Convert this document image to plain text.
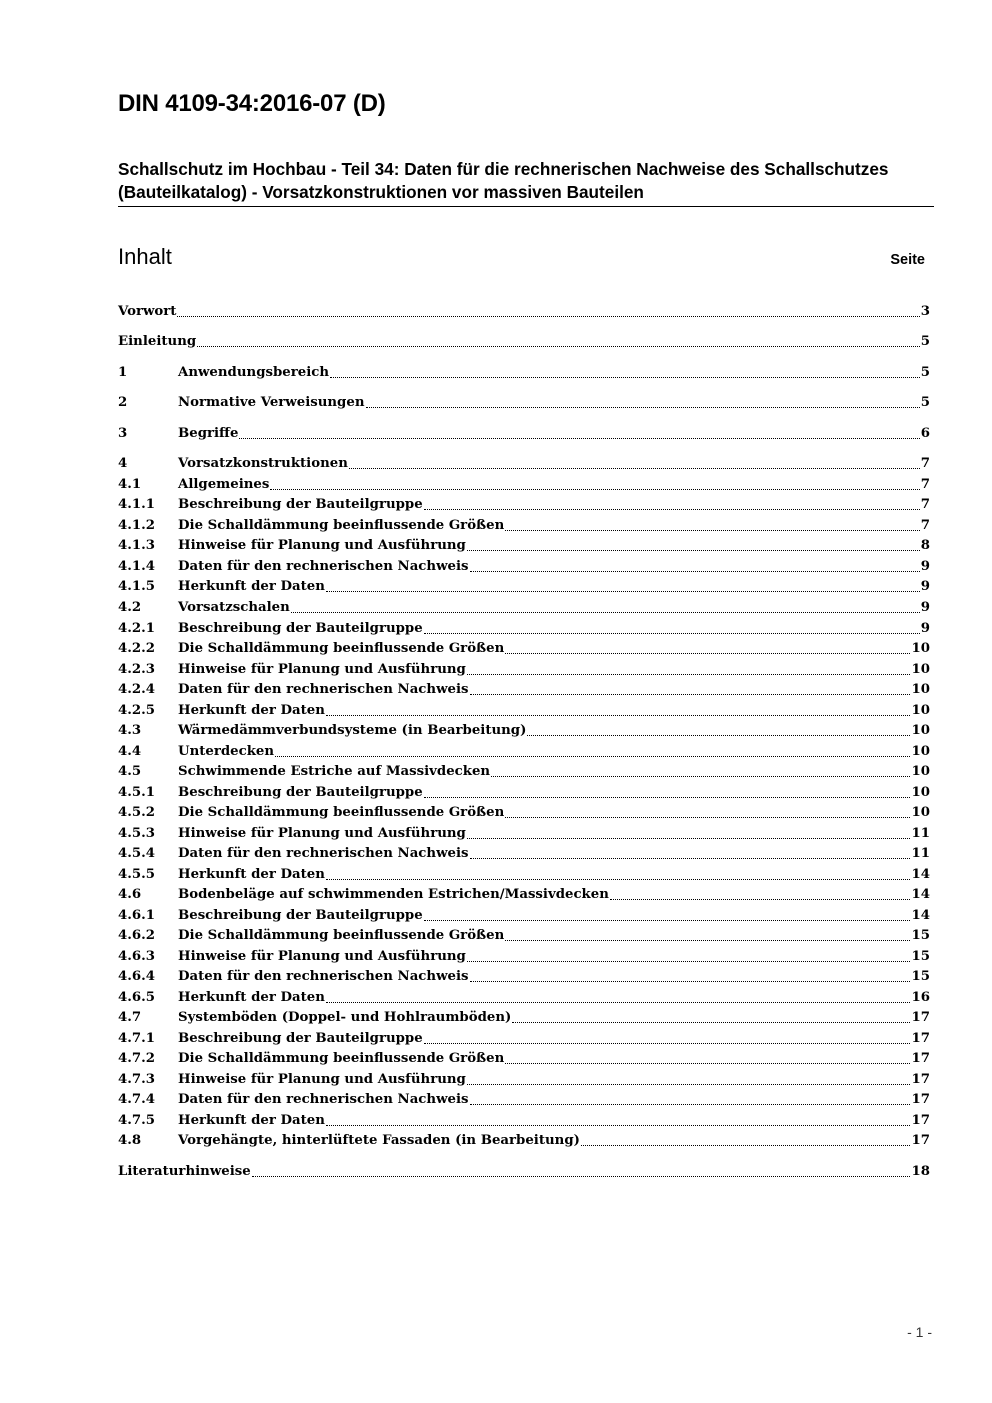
DIN 4109-34:2016-07 (D)
Schallschutz im Hochbau - Teil 34: Daten für die rechnerischen Nachweise des Schallschutzes (Bauteilkatalog) - Vorsatzkonstruktionen vor massiven Bauteilen
Inhalt	Seite
Vorwort	3
Einleitung	5
1	Anwendungsbereich	5
2	Normative Verweisungen	5
3	Begriffe	6
4	Vorsatzkonstruktionen	7
4.1	Allgemeines	7
4.1.1	Beschreibung der Bauteilgruppe	7
4.1.2	Die Schalldämmung beeinflussende Größen	7
4.1.3	Hinweise für Planung und Ausführung	8
4.1.4	Daten für den rechnerischen Nachweis	9
4.1.5	Herkunft der Daten	9
4.2	Vorsatzschalen	9
4.2.1	Beschreibung der Bauteilgruppe	9
4.2.2	Die Schalldämmung beeinflussende Größen	10
4.2.3	Hinweise für Planung und Ausführung	10
4.2.4	Daten für den rechnerischen Nachweis	10
4.2.5	Herkunft der Daten	10
4.3	Wärmedämmverbundsysteme (in Bearbeitung)	10
4.4	Unterdecken	10
4.5	Schwimmende Estriche auf Massivdecken	10
4.5.1	Beschreibung der Bauteilgruppe	10
4.5.2	Die Schalldämmung beeinflussende Größen	10
4.5.3	Hinweise für Planung und Ausführung	11
4.5.4	Daten für den rechnerischen Nachweis	11
4.5.5	Herkunft der Daten	14
4.6	Bodenbeläge auf schwimmenden Estrichen/Massivdecken	14
4.6.1	Beschreibung der Bauteilgruppe	14
4.6.2	Die Schalldämmung beeinflussende Größen	15
4.6.3	Hinweise für Planung und Ausführung	15
4.6.4	Daten für den rechnerischen Nachweis	15
4.6.5	Herkunft der Daten	16
4.7	Systemböden (Doppel- und Hohlraumböden)	17
4.7.1	Beschreibung der Bauteilgruppe	17
4.7.2	Die Schalldämmung beeinflussende Größen	17
4.7.3	Hinweise für Planung und Ausführung	17
4.7.4	Daten für den rechnerischen Nachweis	17
4.7.5	Herkunft der Daten	17
4.8	Vorgehängte, hinterlüftete Fassaden (in Bearbeitung)	17
Literaturhinweise	18
- 1 -
